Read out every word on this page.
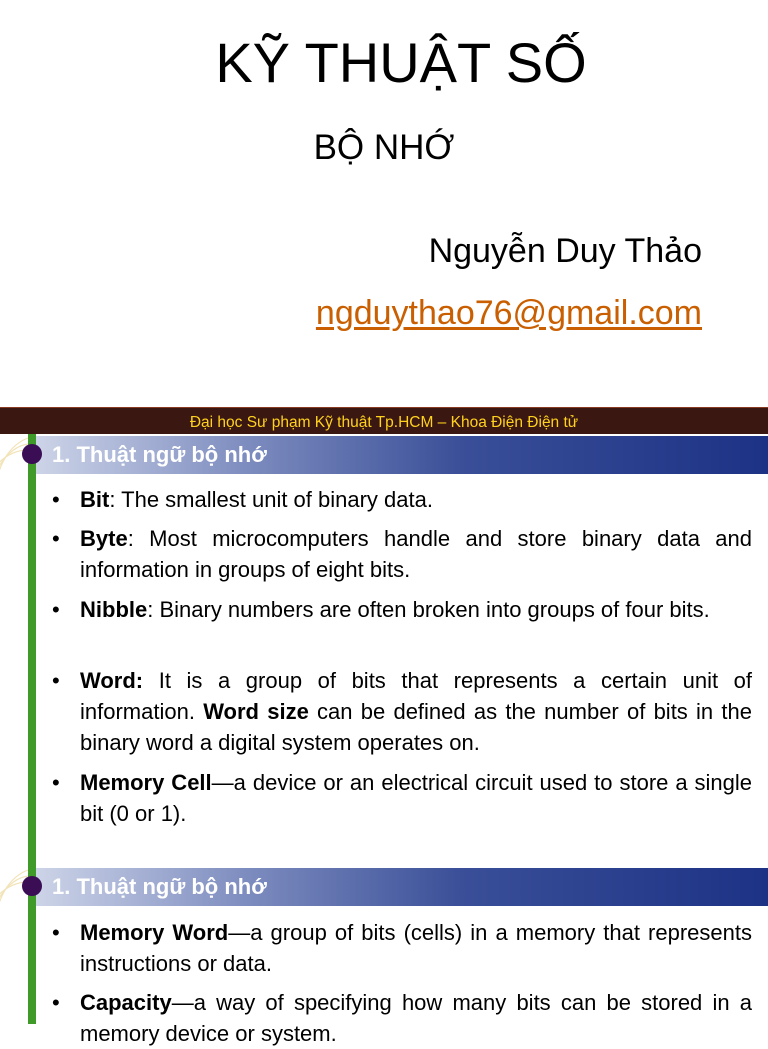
KỸ THUẬT SỐ
BỘ NHỚ
Nguyễn Duy Thảo
ngduythao76@gmail.com
Đại học Sư phạm Kỹ thuật Tp.HCM – Khoa Điện Điện tử
1. Thuật ngữ bộ nhớ
• Bit: The smallest unit of binary data.
• Byte: Most microcomputers handle and store binary data and information in groups of eight bits.
• Nibble: Binary numbers are often broken into groups of four bits.
• Word: It is a group of bits that represents a certain unit of information. Word size can be defined as the number of bits in the binary word a digital system operates on.
• Memory Cell—a device or an electrical circuit used to store a single bit (0 or 1).
1. Thuật ngữ bộ nhớ
• Memory Word—a group of bits (cells) in a memory that represents instructions or data.
• Capacity—a way of specifying how many bits can be stored in a memory device or system.
